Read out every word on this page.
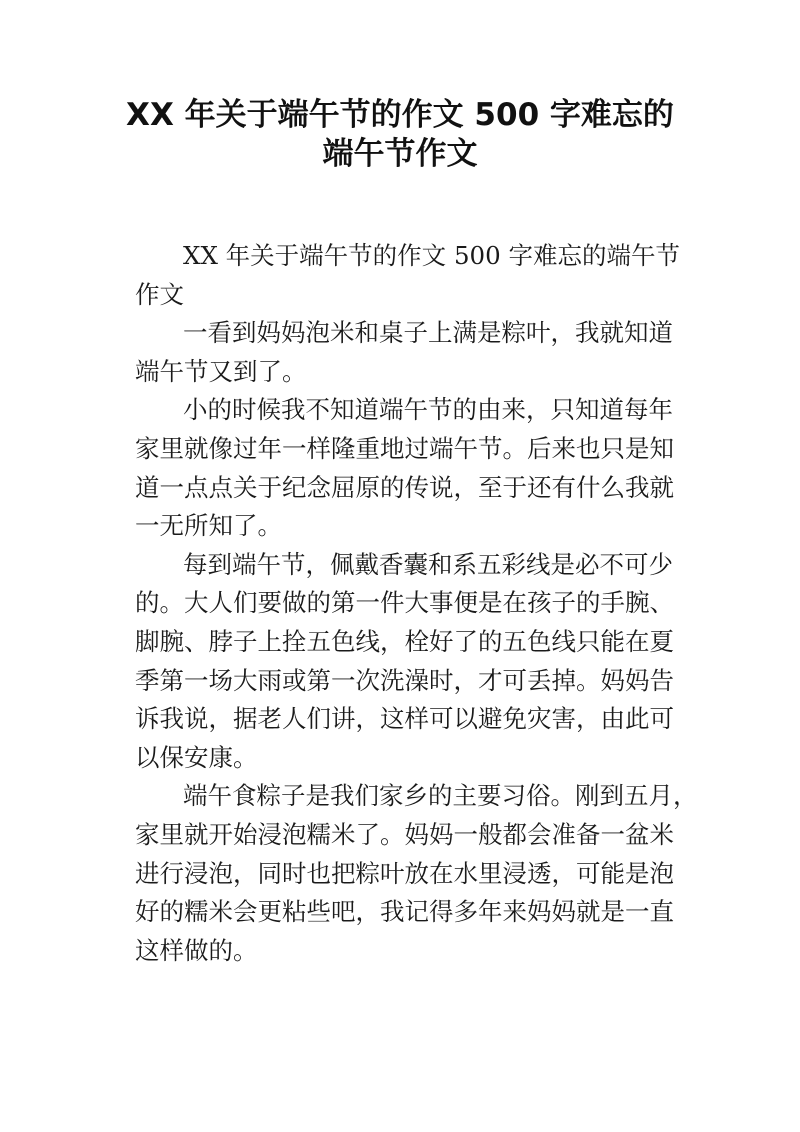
XX 年关于端午节的作文 500 字难忘的
端午节作文
XX 年关于端午节的作文 500 字难忘的端午节
作文
一看到妈妈泡米和桌子上满是粽叶，我就知道
端午节又到了。
小的时候我不知道端午节的由来，只知道每年
家里就像过年一样隆重地过端午节。后来也只是知
道一点点关于纪念屈原的传说，至于还有什么我就
一无所知了。
每到端午节，佩戴香囊和系五彩线是必不可少
的。大人们要做的第一件大事便是在孩子的手腕、
脚腕、脖子上拴五色线，栓好了的五色线只能在夏
季第一场大雨或第一次洗澡时，才可丢掉。妈妈告
诉我说，据老人们讲，这样可以避免灾害，由此可
以保安康。
端午食粽子是我们家乡的主要习俗。刚到五月，
家里就开始浸泡糯米了。妈妈一般都会准备一盆米
进行浸泡，同时也把粽叶放在水里浸透，可能是泡
好的糯米会更粘些吧，我记得多年来妈妈就是一直
这样做的。
